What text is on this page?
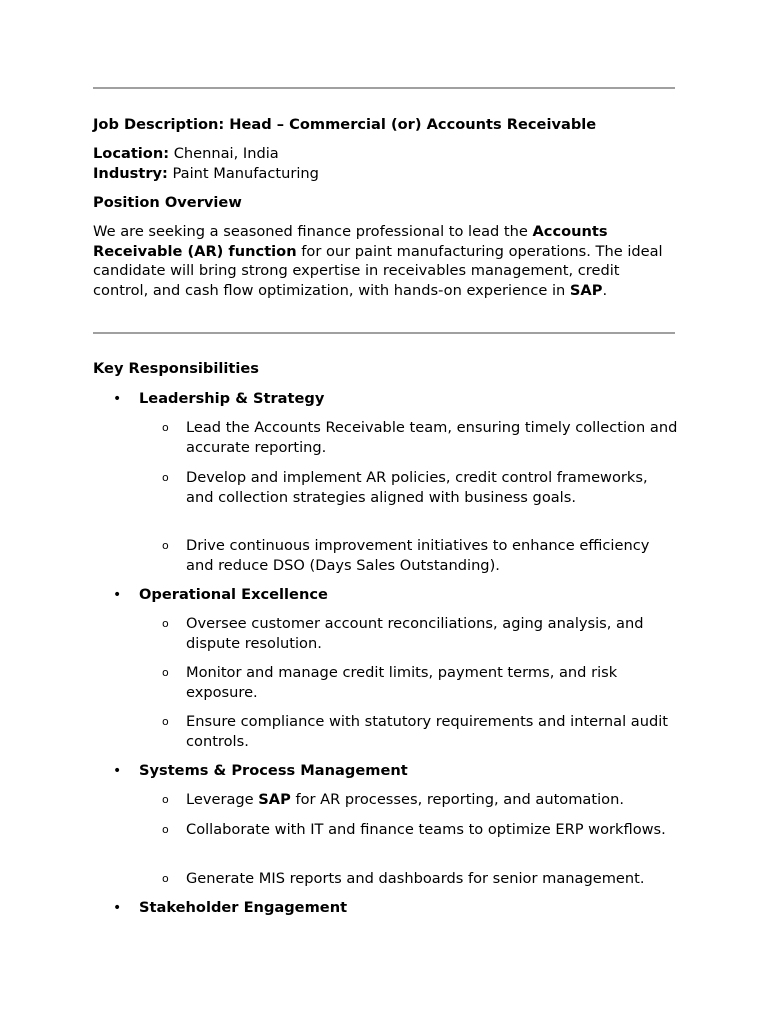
Job Description: Head – Commercial (or) Accounts Receivable
Location: Chennai, India
Industry: Paint Manufacturing
Position Overview
We are seeking a seasoned finance professional to lead the Accounts Receivable (AR) function for our paint manufacturing operations. The ideal candidate will bring strong expertise in receivables management, credit control, and cash flow optimization, with hands-on experience in SAP.
Key Responsibilities
• Leadership & Strategy
o Lead the Accounts Receivable team, ensuring timely collection and accurate reporting.
o Develop and implement AR policies, credit control frameworks, and collection strategies aligned with business goals.
o Drive continuous improvement initiatives to enhance efficiency and reduce DSO (Days Sales Outstanding).
• Operational Excellence
o Oversee customer account reconciliations, aging analysis, and dispute resolution.
o Monitor and manage credit limits, payment terms, and risk exposure.
o Ensure compliance with statutory requirements and internal audit controls.
• Systems & Process Management
o Leverage SAP for AR processes, reporting, and automation.
o Collaborate with IT and finance teams to optimize ERP workflows.
o Generate MIS reports and dashboards for senior management.
• Stakeholder Engagement
